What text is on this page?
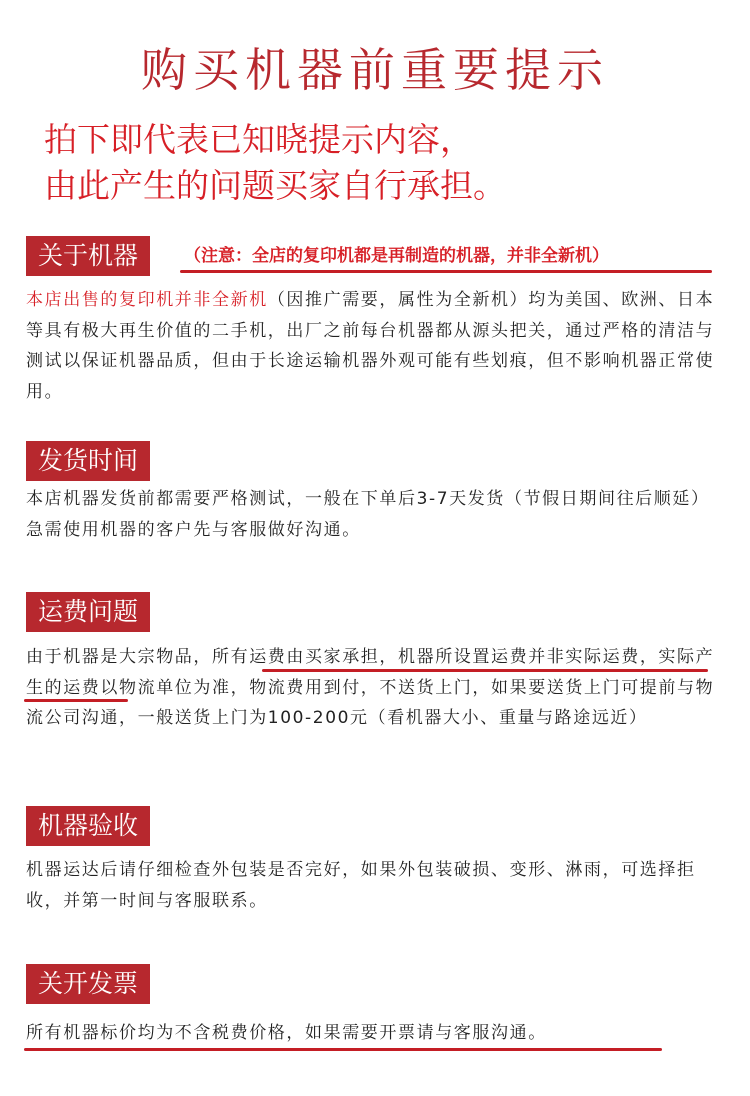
购买机器前重要提示
拍下即代表已知晓提示内容，
由此产生的问题买家自行承担。
关于机器	（注意：全店的复印机都是再制造的机器，并非全新机）
本店出售的复印机并非全新机（因推广需要，属性为全新机）均为美国、欧洲、日本等具有极大再生价值的二手机，出厂之前每台机器都从源头把关，通过严格的清洁与测试以保证机器品质，但由于长途运输机器外观可能有些划痕，但不影响机器正常使用。
发货时间
本店机器发货前都需要严格测试，一般在下单后3-7天发货（节假日期间往后顺延）急需使用机器的客户先与客服做好沟通。
运费问题
由于机器是大宗物品，所有运费由买家承担，机器所设置运费并非实际运费，实际产生的运费以物流单位为准，物流费用到付，不送货上门，如果要送货上门可提前与物流公司沟通，一般送货上门为100-200元（看机器大小、重量与路途远近）
机器验收
机器运达后请仔细检查外包装是否完好，如果外包装破损、变形、淋雨，可选择拒收，并第一时间与客服联系。
关开发票
所有机器标价均为不含税费价格，如果需要开票请与客服沟通。
